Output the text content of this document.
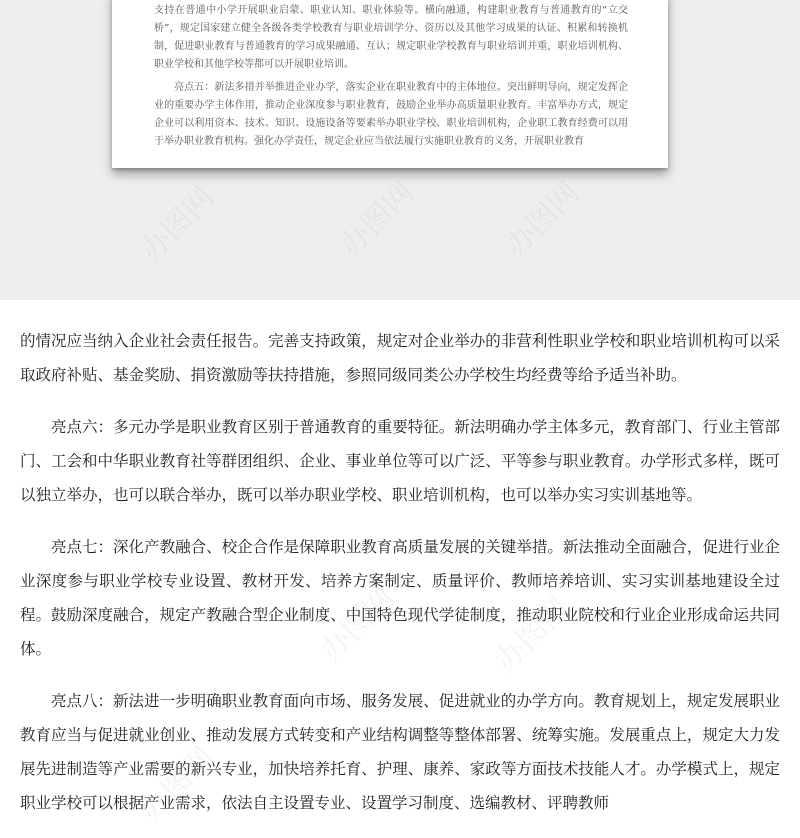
支持在普通中小学开展职业启蒙、职业认知、职业体验等。横向融通，构建职业教育与普通教育的“立交桥”，规定国家建立健全各级各类学校教育与职业培训学分、资历以及其他学习成果的认证、积累和转换机制，促进职业教育与普通教育的学习成果融通、互认；规定职业学校教育与职业培训并重，职业培训机构、职业学校和其他学校等都可以开展职业培训。

亮点五：新法多措并举推进企业办学，落实企业在职业教育中的主体地位。突出鲜明导向，规定发挥企业的重要办学主体作用，推动企业深度参与职业教育，鼓励企业举办高质量职业教育。丰富举办方式，规定企业可以利用资本、技术、知识、设施设备等要素举办职业学校、职业培训机构，企业职工教育经费可以用于举办职业教育机构。强化办学责任，规定企业应当依法履行实施职业教育的义务，开展职业教育

的情况应当纳入企业社会责任报告。完善支持政策，规定对企业举办的非营利性职业学校和职业培训机构可以采取政府补贴、基金奖励、捐资激励等扶持措施，参照同级同类公办学校生均经费等给予适当补助。

亮点六：多元办学是职业教育区别于普通教育的重要特征。新法明确办学主体多元，教育部门、行业主管部门、工会和中华职业教育社等群团组织、企业、事业单位等可以广泛、平等参与职业教育。办学形式多样，既可以独立举办，也可以联合举办，既可以举办职业学校、职业培训机构，也可以举办实习实训基地等。

亮点七：深化产教融合、校企合作是保障职业教育高质量发展的关键举措。新法推动全面融合，促进行业企业深度参与职业学校专业设置、教材开发、培养方案制定、质量评价、教师培养培训、实习实训基地建设全过程。鼓励深度融合，规定产教融合型企业制度、中国特色现代学徒制度，推动职业院校和行业企业形成命运共同体。

亮点八：新法进一步明确职业教育面向市场、服务发展、促进就业的办学方向。教育规划上，规定发展职业教育应当与促进就业创业、推动发展方式转变和产业结构调整等整体部署、统筹实施。发展重点上，规定大力发展先进制造等产业需要的新兴专业，加快培养托育、护理、康养、家政等方面技术技能人才。办学模式上，规定职业学校可以根据产业需求，依法自主设置专业、设置学习制度、选编教材、评聘教师

办图网
办图网	办图网
